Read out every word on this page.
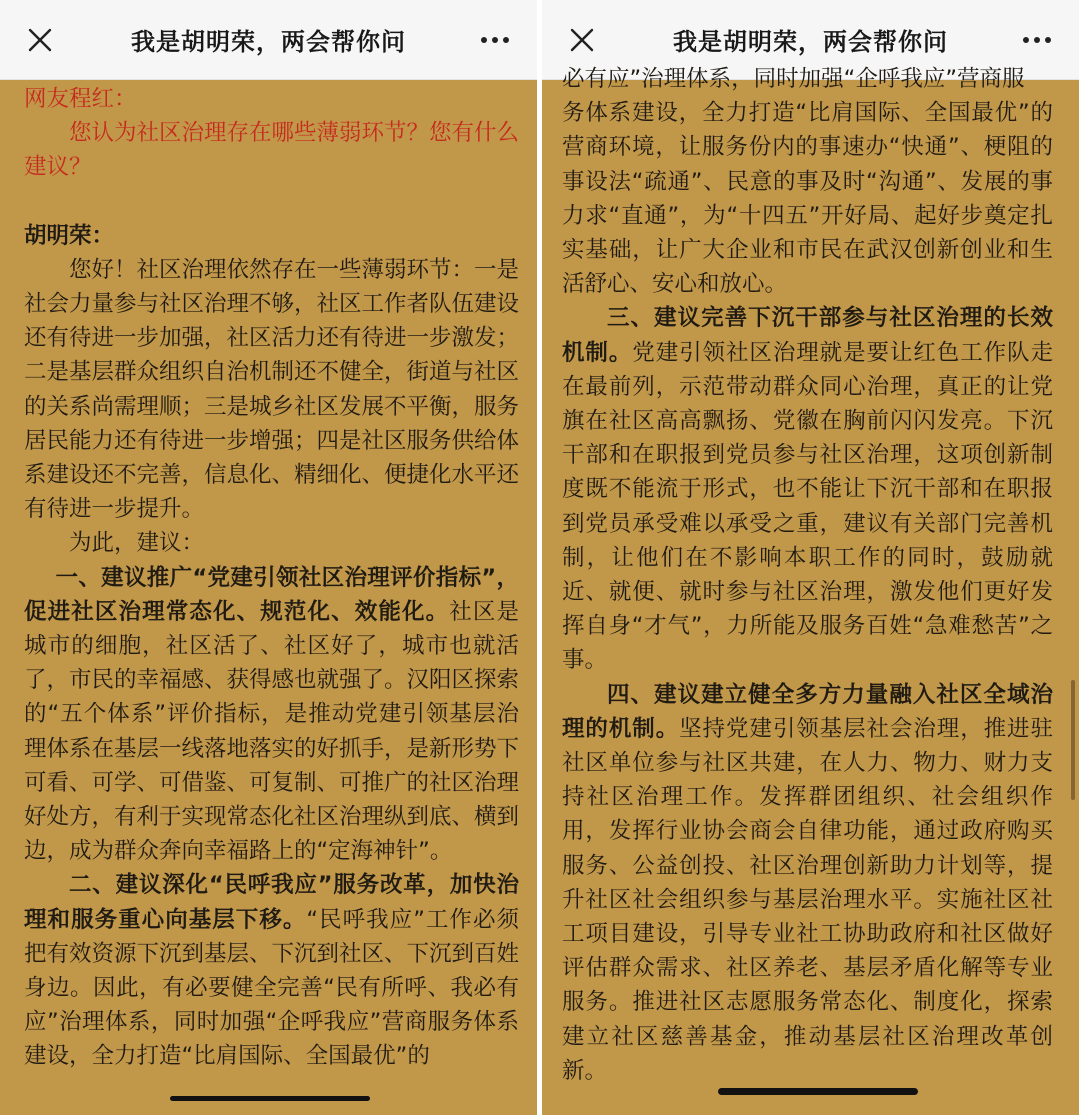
我是胡明荣，两会帮你问

网友程红：

您认为社区治理存在哪些薄弱环节？您有什么建议？

胡明荣：

您好！社区治理依然存在一些薄弱环节：一是社会力量参与社区治理不够，社区工作者队伍建设还有待进一步加强，社区活力还有待进一步激发；二是基层群众组织自治机制还不健全，街道与社区的关系尚需理顺；三是城乡社区发展不平衡，服务居民能力还有待进一步增强；四是社区服务供给体系建设还不完善，信息化、精细化、便捷化水平还有待进一步提升。

为此，建议：

一、建议推广“党建引领社区治理评价指标”，促进社区治理常态化、规范化、效能化。社区是城市的细胞，社区活了、社区好了，城市也就活了，市民的幸福感、获得感也就强了。汉阳区探索的“五个体系”评价指标，是推动党建引领基层治理体系在基层一线落地落实的好抓手，是新形势下可看、可学、可借鉴、可复制、可推广的社区治理好处方，有利于实现常态化社区治理纵到底、横到边，成为群众奔向幸福路上的“定海神针”。

二、建议深化“民呼我应”服务改革，加快治理和服务重心向基层下移。“民呼我应”工作必须把有效资源下沉到基层、下沉到社区、下沉到百姓身边。因此，有必要健全完善“民有所呼、我必有应”治理体系，同时加强“企呼我应”营商服务体系建设，全力打造“比肩国际、全国最优”的

我是胡明荣，两会帮你问

必有应”治理体系，同时加强“企呼我应”营商服

务体系建设，全力打造“比肩国际、全国最优”的营商环境，让服务份内的事速办“快通”、梗阻的事设法“疏通”、民意的事及时“沟通”、发展的事力求“直通”，为“十四五”开好局、起好步奠定扎实基础，让广大企业和市民在武汉创新创业和生活舒心、安心和放心。

三、建议完善下沉干部参与社区治理的长效机制。党建引领社区治理就是要让红色工作队走在最前列，示范带动群众同心治理，真正的让党旗在社区高高飘扬、党徽在胸前闪闪发亮。下沉干部和在职报到党员参与社区治理，这项创新制度既不能流于形式，也不能让下沉干部和在职报到党员承受难以承受之重，建议有关部门完善机制，让他们在不影响本职工作的同时，鼓励就近、就便、就时参与社区治理，激发他们更好发挥自身“才气”，力所能及服务百姓“急难愁苦”之事。

四、建议建立健全多方力量融入社区全域治理的机制。坚持党建引领基层社会治理，推进驻社区单位参与社区共建，在人力、物力、财力支持社区治理工作。发挥群团组织、社会组织作用，发挥行业协会商会自律功能，通过政府购买服务、公益创投、社区治理创新助力计划等，提升社区社会组织参与基层治理水平。实施社区社工项目建设，引导专业社工协助政府和社区做好评估群众需求、社区养老、基层矛盾化解等专业服务。推进社区志愿服务常态化、制度化，探索建立社区慈善基金，推动基层社区治理改革创新。
